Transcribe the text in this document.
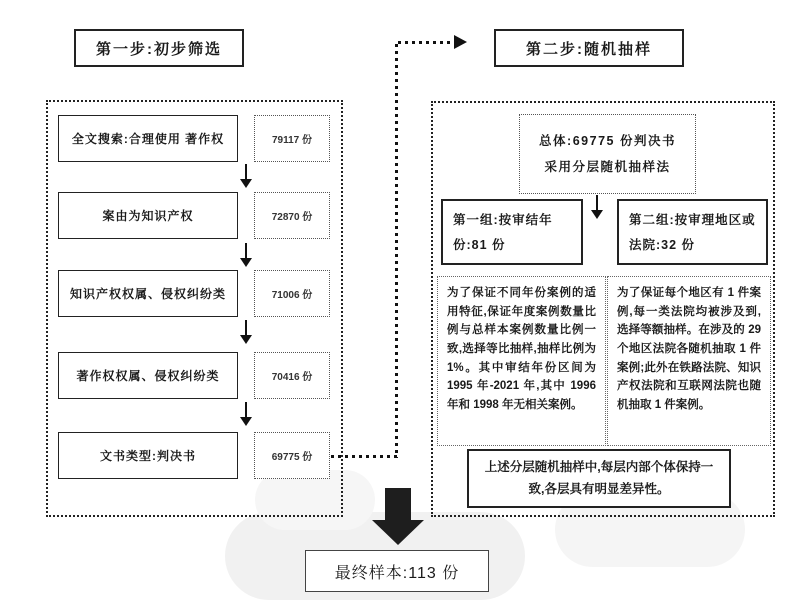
第一步:初步筛选	第二步:随机抽样
全文搜索:合理使用 著作权	79117 份
案由为知识产权	72870 份
知识产权权属、侵权纠纷类	71006 份
著作权权属、侵权纠纷类	70416 份
文书类型:判决书	69775 份
总体:69775 份判决书
采用分层随机抽样法
第一组:按审结年份:81 份
第二组:按审理地区或法院:32 份
为了保证不同年份案例的适用特征,保证年度案例数量比例与总样本案例数量比例一致,选择等比抽样,抽样比例为 1%。其中审结年份区间为 1995 年-2021 年,其中 1996 年和 1998 年无相关案例。
为了保证每个地区有 1 件案例,每一类法院均被涉及到,选择等额抽样。在涉及的 29 个地区法院各随机抽取 1 件案例;此外在铁路法院、知识产权法院和互联网法院也随机抽取 1 件案例。
上述分层随机抽样中,每层内部个体保持一致,各层具有明显差异性。
最终样本:113 份
